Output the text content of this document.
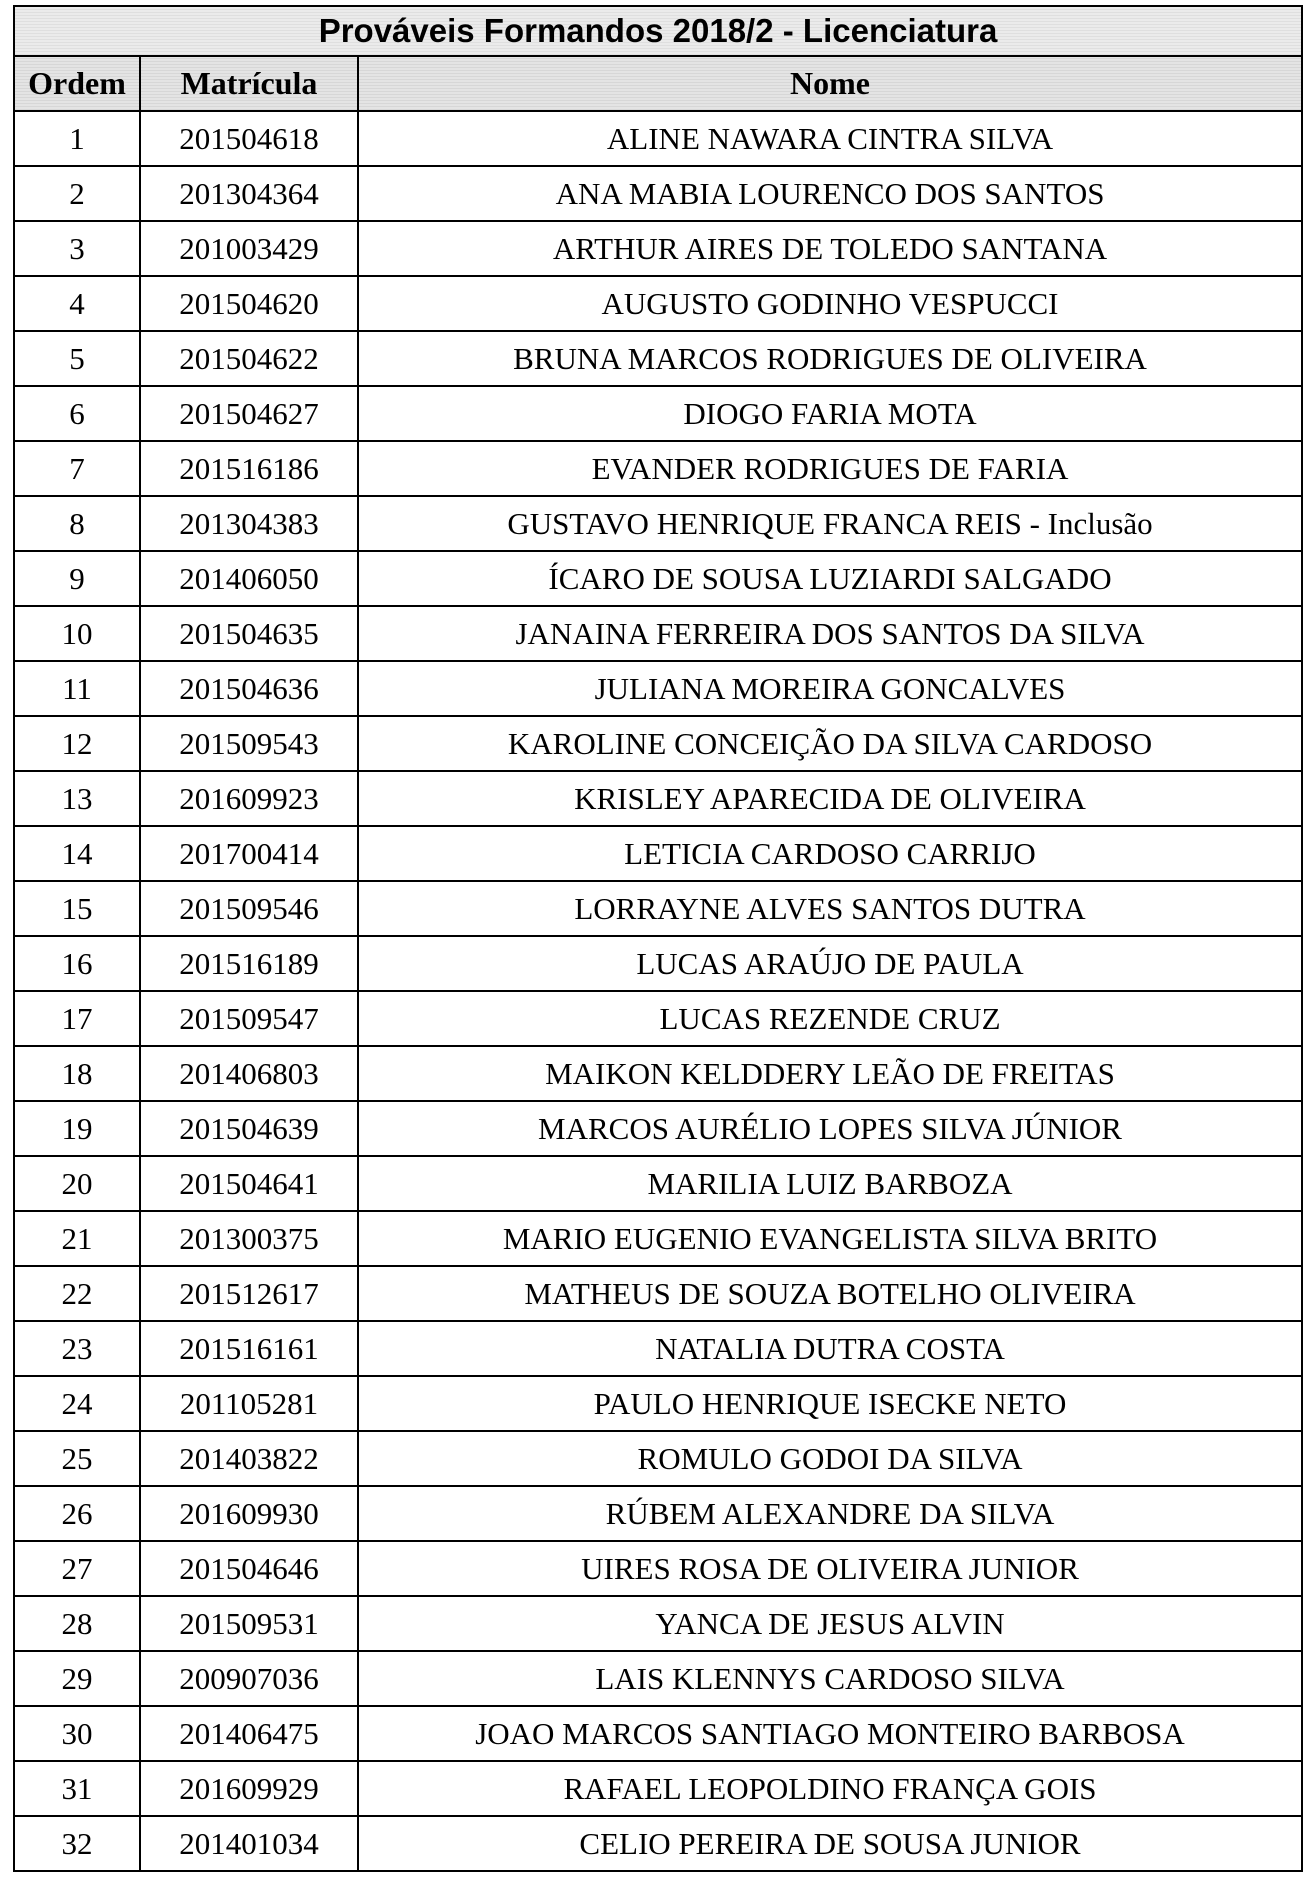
Prováveis Formandos 2018/2 - Licenciatura		
Ordem	Matrícula	Nome
1	201504618	ALINE NAWARA CINTRA SILVA
2	201304364	ANA MABIA LOURENCO DOS SANTOS
3	201003429	ARTHUR AIRES DE TOLEDO SANTANA
4	201504620	AUGUSTO GODINHO VESPUCCI
5	201504622	BRUNA MARCOS RODRIGUES DE OLIVEIRA
6	201504627	DIOGO FARIA MOTA
7	201516186	EVANDER RODRIGUES DE FARIA
8	201304383	GUSTAVO HENRIQUE FRANCA REIS - Inclusão
9	201406050	ÍCARO DE SOUSA LUZIARDI SALGADO
10	201504635	JANAINA FERREIRA DOS SANTOS DA SILVA
11	201504636	JULIANA MOREIRA GONCALVES
12	201509543	KAROLINE CONCEIÇÃO DA SILVA CARDOSO
13	201609923	KRISLEY APARECIDA DE OLIVEIRA
14	201700414	LETICIA CARDOSO CARRIJO
15	201509546	LORRAYNE ALVES SANTOS DUTRA
16	201516189	LUCAS ARAÚJO DE PAULA
17	201509547	LUCAS REZENDE CRUZ
18	201406803	MAIKON KELDDERY LEÃO DE FREITAS
19	201504639	MARCOS AURÉLIO LOPES SILVA JÚNIOR
20	201504641	MARILIA LUIZ BARBOZA
21	201300375	MARIO EUGENIO EVANGELISTA SILVA BRITO
22	201512617	MATHEUS DE SOUZA BOTELHO OLIVEIRA
23	201516161	NATALIA DUTRA COSTA
24	201105281	PAULO HENRIQUE ISECKE NETO
25	201403822	ROMULO GODOI DA SILVA
26	201609930	RÚBEM ALEXANDRE DA SILVA
27	201504646	UIRES ROSA DE OLIVEIRA JUNIOR
28	201509531	YANCA DE JESUS ALVIN
29	200907036	LAIS KLENNYS CARDOSO SILVA
30	201406475	JOAO MARCOS SANTIAGO MONTEIRO BARBOSA
31	201609929	RAFAEL LEOPOLDINO FRANÇA GOIS
32	201401034	CELIO PEREIRA DE SOUSA JUNIOR
